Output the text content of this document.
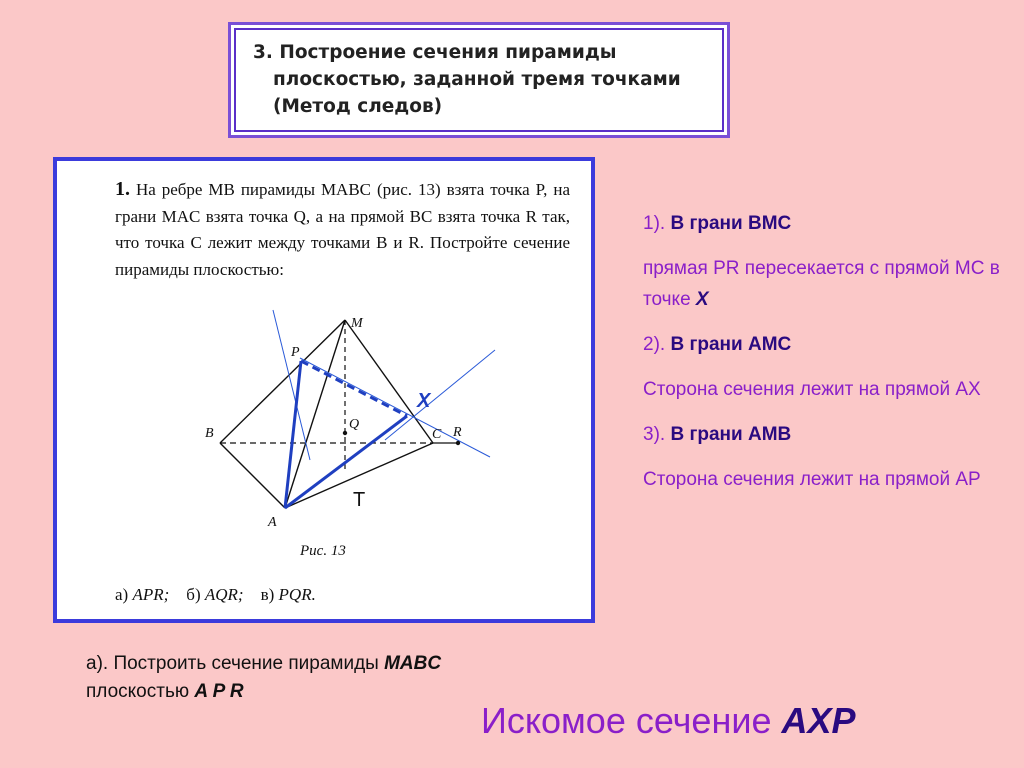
3. Построение сечения пирамиды
плоскостью, заданной тремя точками
(Метод следов)
1. На ребре MB пирамиды MABC (рис. 13) взята точка P, на грани MAC взята точка Q, а на прямой BC взята точка R так, что точка C лежит между точками B и R. Постройте сечение пирамиды плоскостью:
M
P
B
Q
C R
A
X
T
Рис. 13
а) APR; б) AQR; в) PQR.
1). В грани ВМС
прямая PR пересекается с прямой МС в точке X
2). В грани АМС
Сторона сечения лежит на прямой АХ
3). В грани АМВ
Сторона сечения лежит на прямой АР
а). Построить сечение пирамиды MABC
плоскостью A P R
Искомое сечение AXP
